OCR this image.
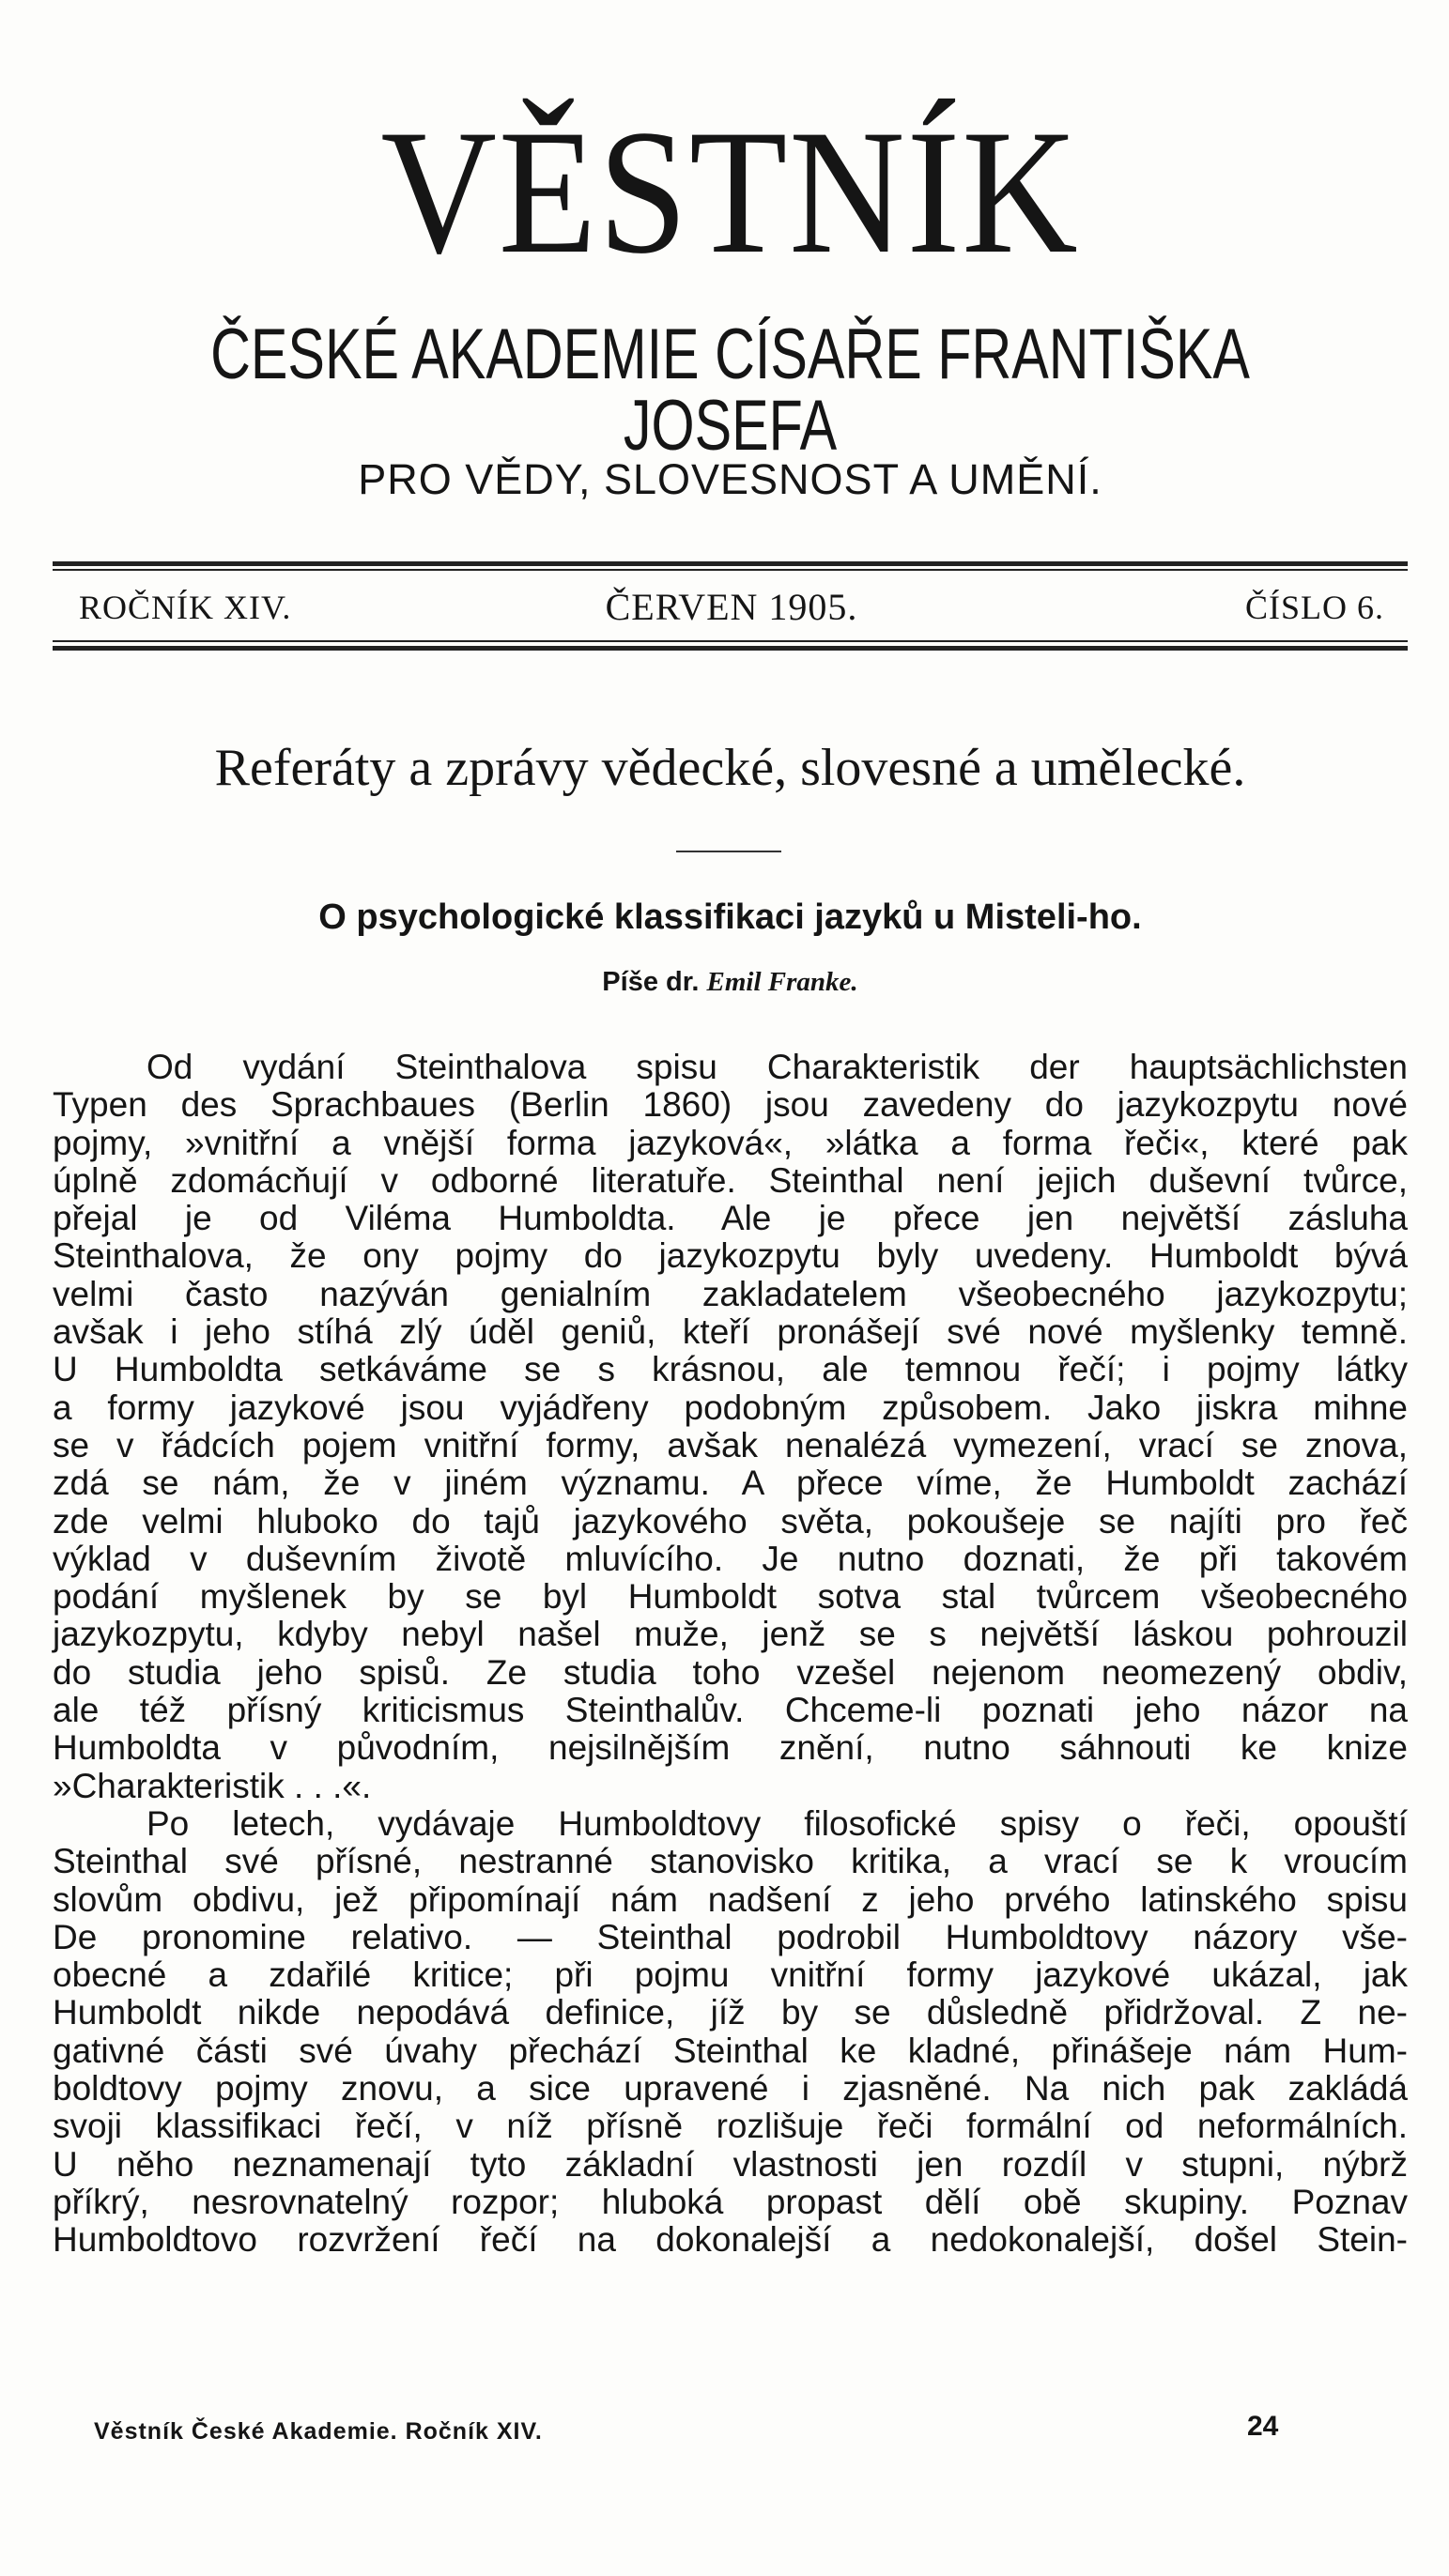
VĚSTNÍK
ČESKÉ AKADEMIE CÍSAŘE FRANTIŠKA JOSEFA
PRO VĚDY, SLOVESNOST A UMĚNÍ.
ROČNÍK XIV.	ČERVEN 1905.	ČÍSLO 6.
Referáty a zprávy vědecké, slovesné a umělecké.
O psychologické klassifikaci jazyků u Misteli-ho.
Píše dr. Emil Franke.
Od vydání Steinthalova spisu Charakteristik der hauptsächlichsten
Typen des Sprachbaues (Berlin 1860) jsou zavedeny do jazykozpytu nové
pojmy, »vnitřní a vnější forma jazyková«, »látka a forma řeči«, které pak
úplně zdomácňují v odborné literatuře. Steinthal není jejich duševní tvůrce,
přejal je od Viléma Humboldta. Ale je přece jen největší zásluha
Steinthalova, že ony pojmy do jazykozpytu byly uvedeny. Humboldt bývá
velmi často nazýván genialním zakladatelem všeobecného jazykozpytu;
avšak i jeho stíhá zlý úděl geniů, kteří pronášejí své nové myšlenky temně.
U Humboldta setkáváme se s krásnou, ale temnou řečí; i pojmy látky
a formy jazykové jsou vyjádřeny podobným způsobem. Jako jiskra mihne
se v řádcích pojem vnitřní formy, avšak nenalézá vymezení, vrací se znova,
zdá se nám, že v jiném významu. A přece víme, že Humboldt zachází
zde velmi hluboko do tajů jazykového světa, pokoušeje se najíti pro řeč
výklad v duševním životě mluvícího. Je nutno doznati, že při takovém
podání myšlenek by se byl Humboldt sotva stal tvůrcem všeobecného
jazykozpytu, kdyby nebyl našel muže, jenž se s největší láskou pohrouzil
do studia jeho spisů. Ze studia toho vzešel nejenom neomezený obdiv,
ale též přísný kriticismus Steinthalův. Chceme-li poznati jeho názor na
Humboldta v původním, nejsilnějším znění, nutno sáhnouti ke knize
»Charakteristik . . .«.
Po letech, vydávaje Humboldtovy filosofické spisy o řeči, opouští
Steinthal své přísné, nestranné stanovisko kritika, a vrací se k vroucím
slovům obdivu, jež připomínají nám nadšení z jeho prvého latinského spisu
De pronomine relativo. — Steinthal podrobil Humboldtovy názory vše-
obecné a zdařilé kritice; při pojmu vnitřní formy jazykové ukázal, jak
Humboldt nikde nepodává definice, jíž by se důsledně přidržoval. Z ne-
gativné části své úvahy přechází Steinthal ke kladné, přinášeje nám Hum-
boldtovy pojmy znovu, a sice upravené i zjasněné. Na nich pak zakládá
svoji klassifikaci řečí, v níž přísně rozlišuje řeči formální od neformálních.
U něho neznamenají tyto základní vlastnosti jen rozdíl v stupni, nýbrž
příkrý, nesrovnatelný rozpor; hluboká propast dělí obě skupiny. Poznav
Humboldtovo rozvržení řečí na dokonalejší a nedokonalejší, došel Stein-
Věstník České Akademie. Ročník XIV.	24
